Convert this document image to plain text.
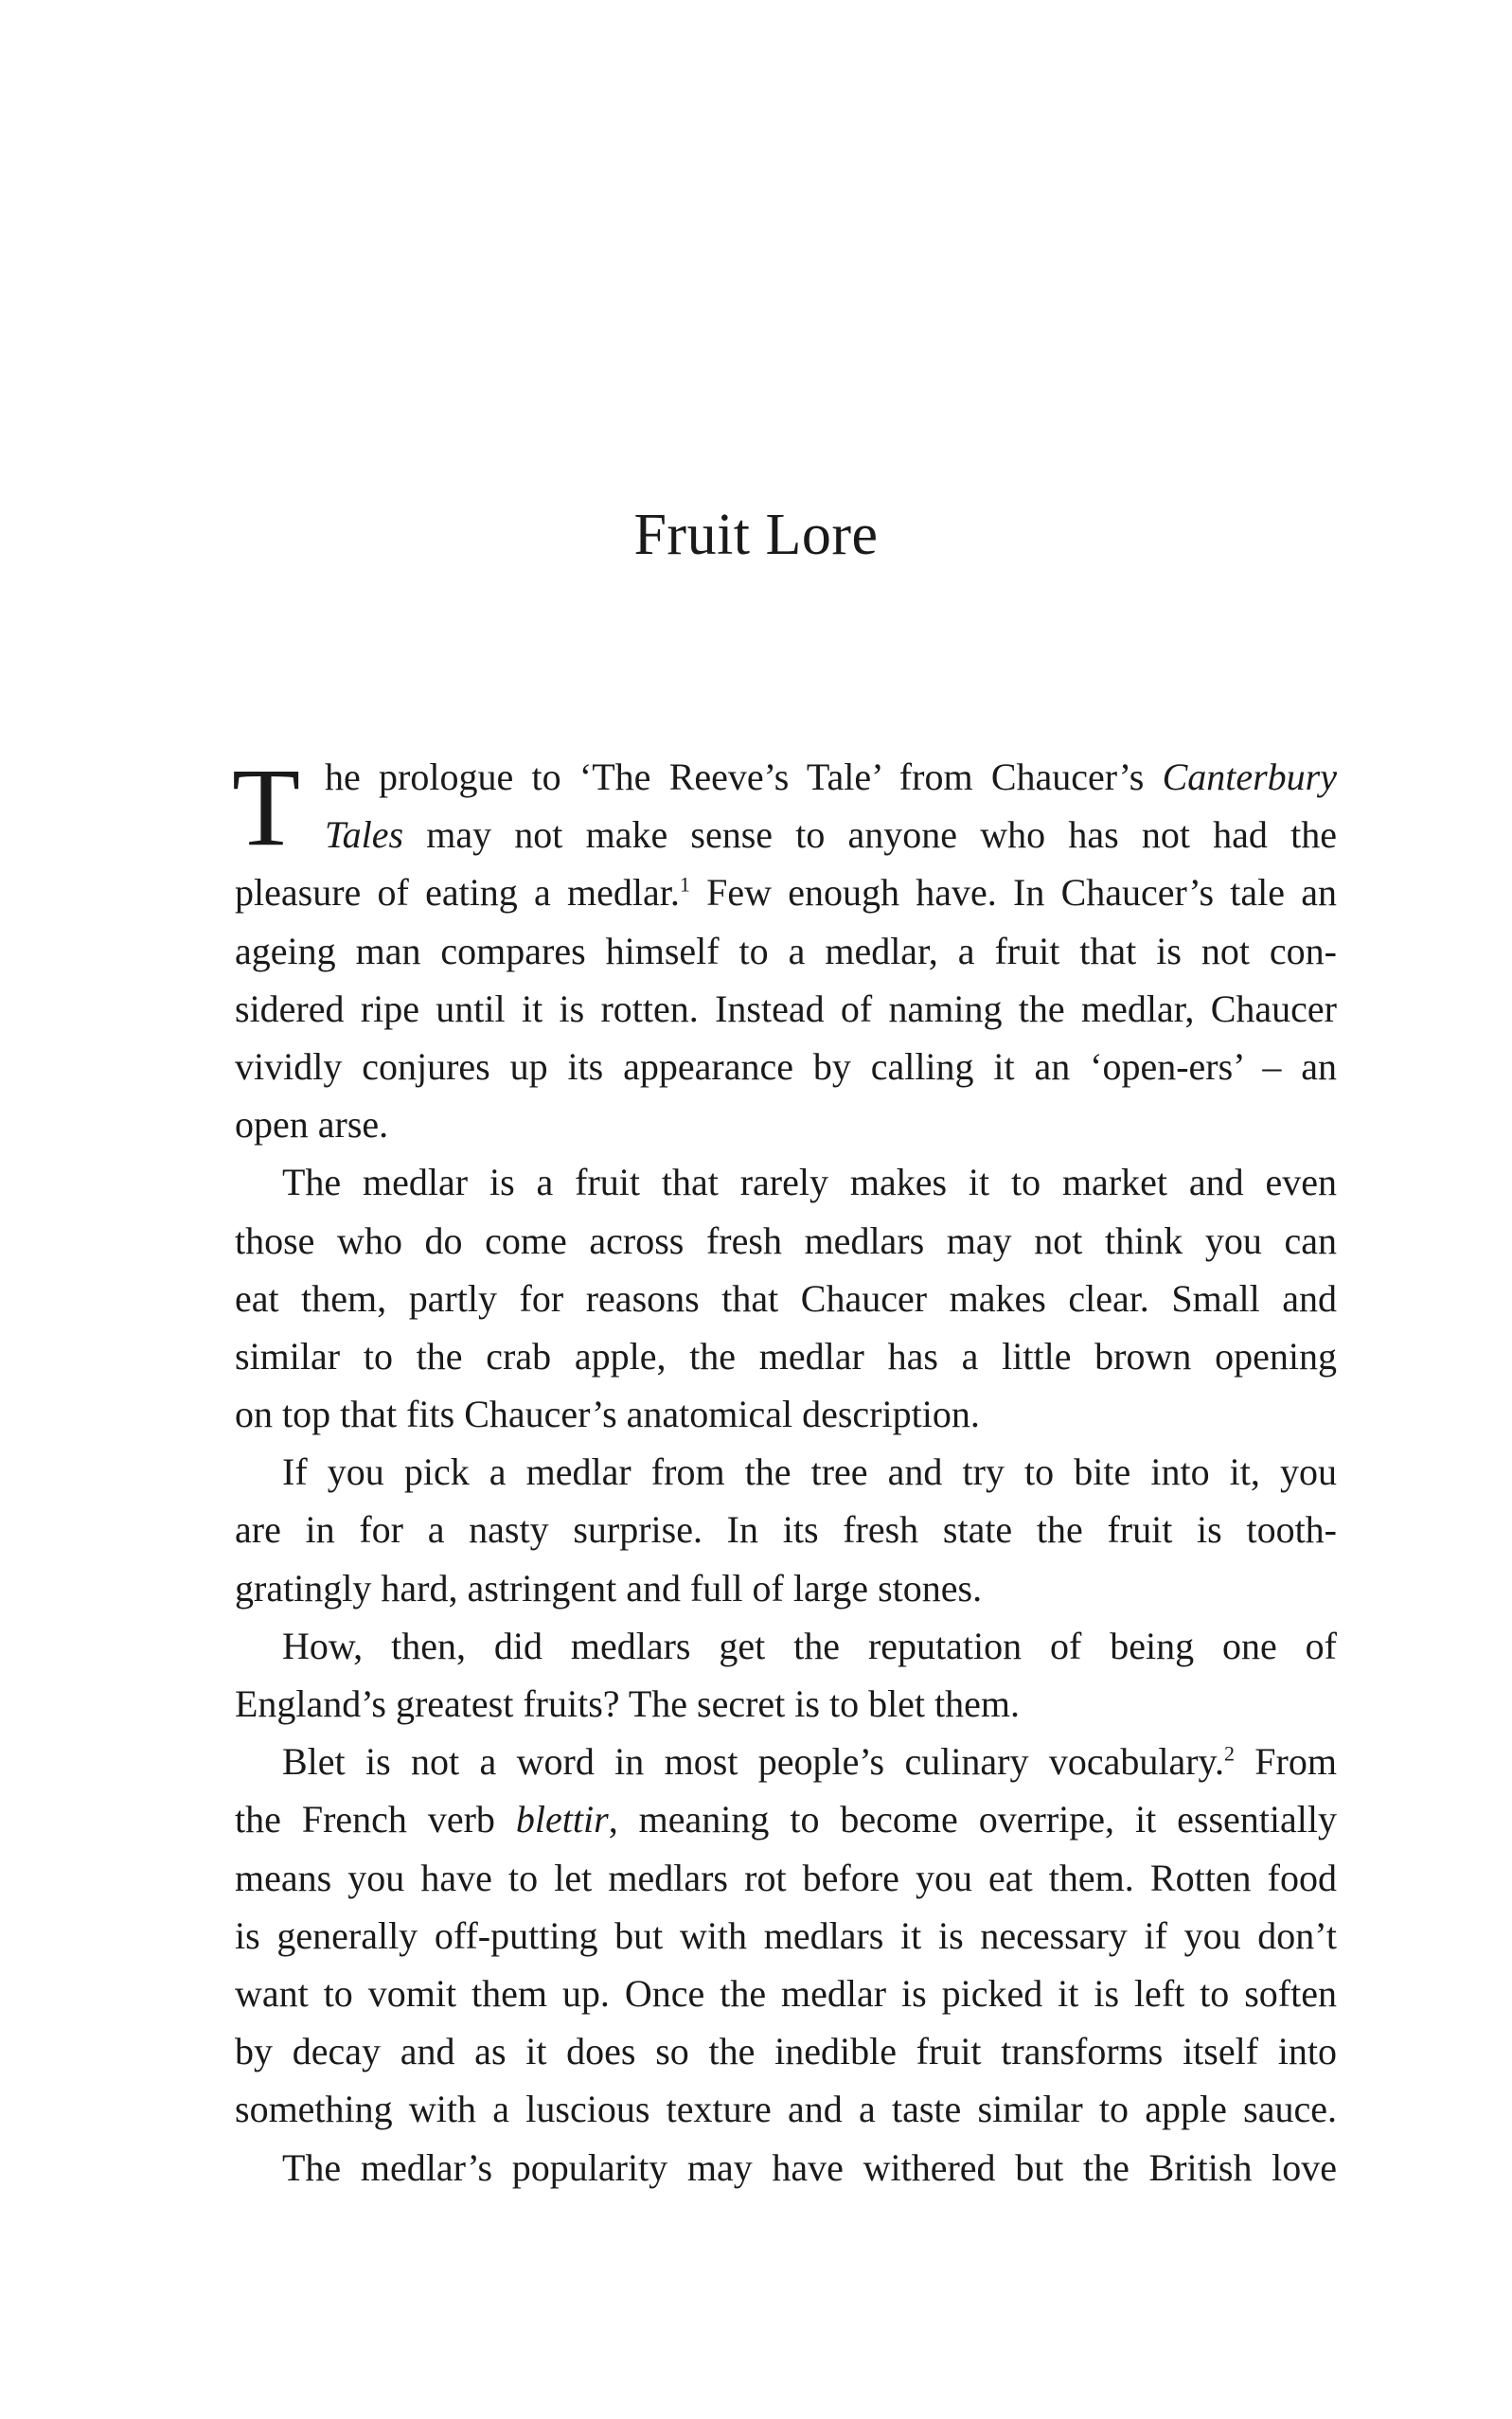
Fruit Lore
T he prologue to ‘The Reeve’s Tale’ from Chaucer’s Canterbury
Tales may not make sense to anyone who has not had the
pleasure of eating a medlar.$^1$ Few enough have. In Chaucer’s tale an
ageing man compares himself to a medlar, a fruit that is not con-
sidered ripe until it is rotten. Instead of naming the medlar, Chaucer
vividly conjures up its appearance by calling it an ‘open-ers’ – an
open arse.
The medlar is a fruit that rarely makes it to market and even
those who do come across fresh medlars may not think you can
eat them, partly for reasons that Chaucer makes clear. Small and
similar to the crab apple, the medlar has a little brown opening
on top that fits Chaucer’s anatomical description.
If you pick a medlar from the tree and try to bite into it, you
are in for a nasty surprise. In its fresh state the fruit is tooth-
gratingly hard, astringent and full of large stones.
How, then, did medlars get the reputation of being one of
England’s greatest fruits? The secret is to blet them.
Blet is not a word in most people’s culinary vocabulary.$^2$ From
the French verb blettir, meaning to become overripe, it essentially
means you have to let medlars rot before you eat them. Rotten food
is generally off-putting but with medlars it is necessary if you don’t
want to vomit them up. Once the medlar is picked it is left to soften
by decay and as it does so the inedible fruit transforms itself into
something with a luscious texture and a taste similar to apple sauce.
The medlar’s popularity may have withered but the British love
